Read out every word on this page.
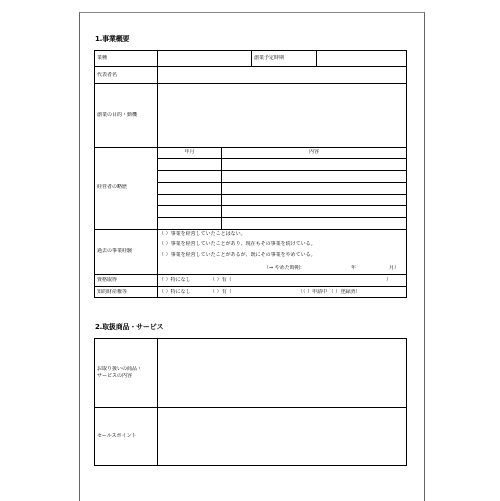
1.事業概要
業種	創業予定時期
代表者名
創業の目的・動機
経営者の略歴
年月	内容
過去の事業経験
（ ）事業を経営していたことはない。
（ ）事業を経営していたことがあり、現在もその事業を続けている。
（ ）事業を経営していたことがあるが、既にその事業をやめている。
（⇒ やめた時期：	年	月）
資格取得	（ ）特になし	（ ）有（	）
知的財産権等	（ ）特になし	（ ）有（	（（ ）申請中 （ ）登録済）
2.取扱商品・サービス
お取り扱いの商品・
サービスの内容
セールスポイント
